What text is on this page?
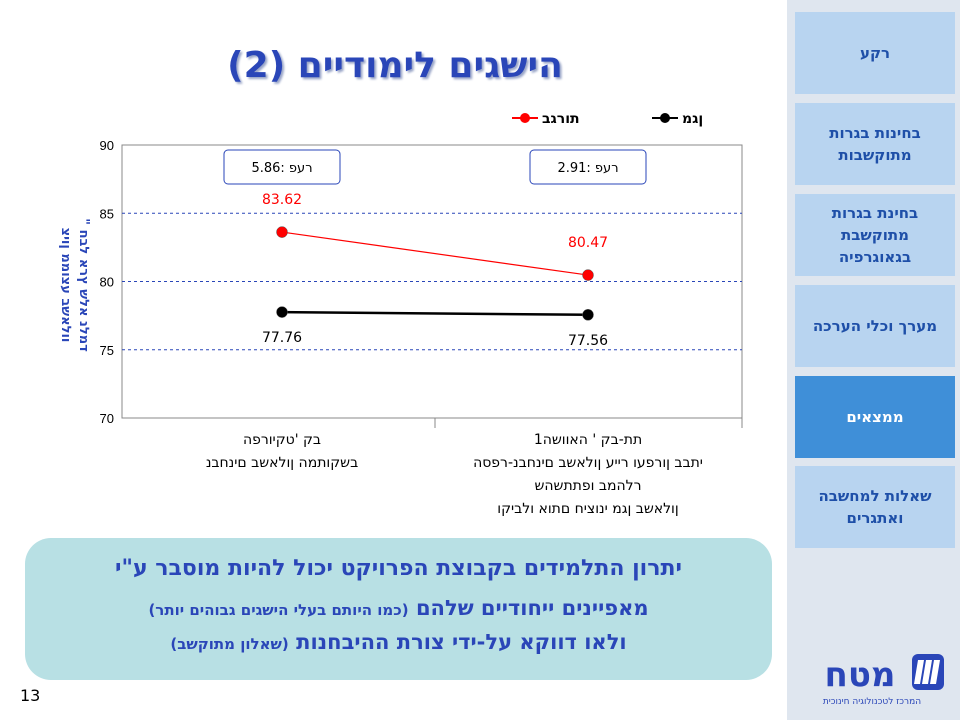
רקע
בחינות בגרות מתוקשבות
בחינת בגרות מתוקשבת בגאוגרפיה
מערך וכלי הערכה
ממצאים
שאלות למחשבה ואתגרים
הישגים לימודיים (2)
70
75
80
85
90
וולאשב עצוממ ןויצ
" דמלנ אלש ץרא לבח
תורגב	ןגמ
רעפ :5.86	רעפ :2.91
83.62
80.47
77.76	77.56
בק 'טקיורפה
בשקותמה ןולאשב םינחבנ
תת-בק ' האוושה1
יתבב ןורפעו רייע ןולאשב םינחבנ-רפסה
רלהמב ופתתשהש
ןולאשב ןגמ ינוציח םתוא ולביקו
יתרון התלמידים בקבוצת הפרויקט יכול להיות מוסבר ע"י
מאפיינים ייחודיים שלהם (כמו היותם בעלי הישגים גבוהים יותר)
ולאו דווקא על-ידי צורת ההיבחנות (שאלון מתוקשב)
13
מטח
המרכז לטכנולוגיה חינוכית
